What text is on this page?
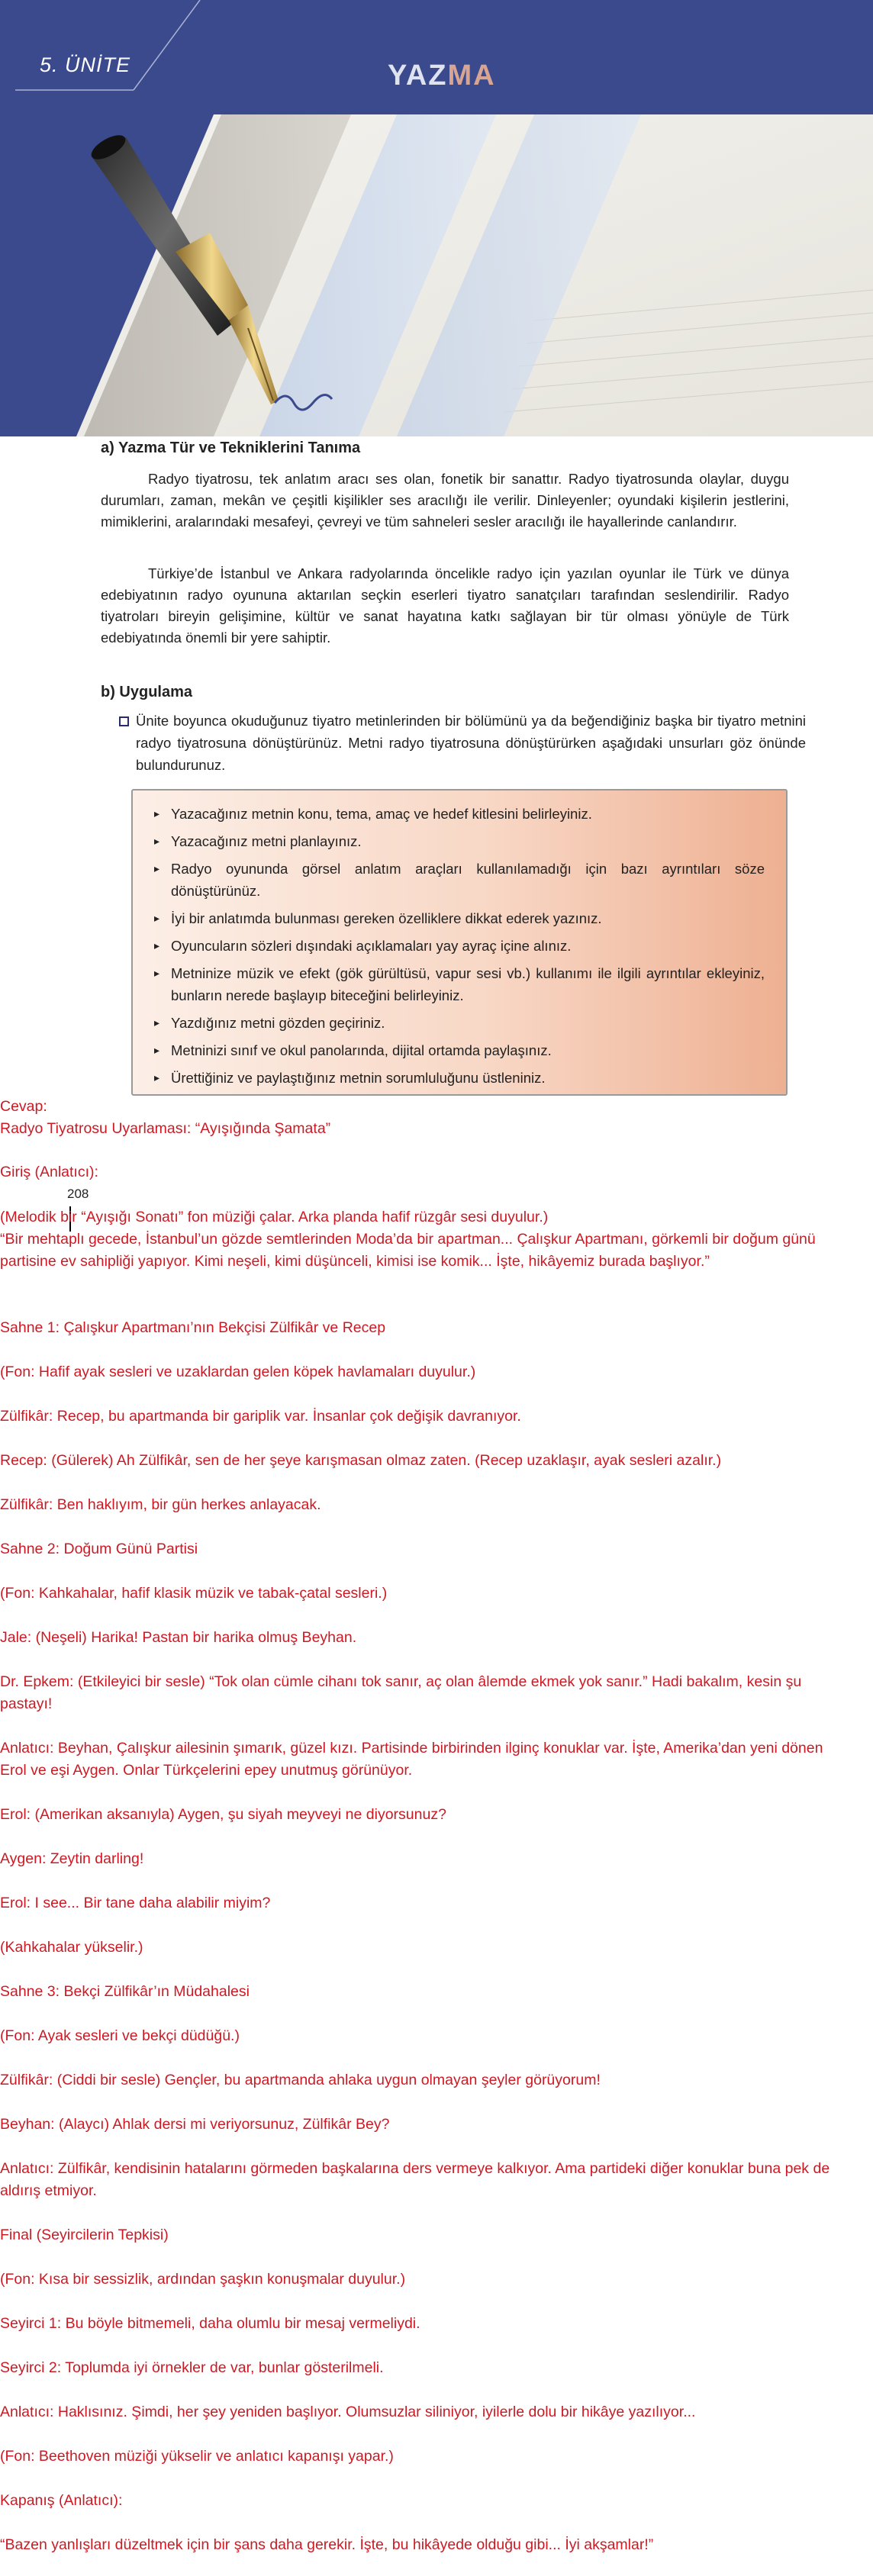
5. ÜNİTE	YAZMA
a) Yazma Tür ve Tekniklerini Tanıma

Radyo tiyatrosu, tek anlatım aracı ses olan, fonetik bir sanattır. Radyo tiyatrosunda olaylar, duygu durumları, zaman, mekân ve çeşitli kişilikler ses aracılığı ile verilir. Dinleyenler; oyundaki kişilerin jestlerini, mimiklerini, aralarındaki mesafeyi, çevreyi ve tüm sahneleri sesler aracılığı ile hayallerinde canlandırır.

Türkiye’de İstanbul ve Ankara radyolarında öncelikle radyo için yazılan oyunlar ile Türk ve dünya edebiyatının radyo oyununa aktarılan seçkin eserleri tiyatro sanatçıları tarafından seslendirilir. Radyo tiyatroları bireyin gelişimine, kültür ve sanat hayatına katkı sağlayan bir tür olması yönüyle de Türk edebiyatında önemli bir yere sahiptir.

b) Uygulama
Ünite boyunca okuduğunuz tiyatro metinlerinden bir bölümünü ya da beğendiğiniz başka bir tiyatro metnini radyo tiyatrosuna dönüştürünüz. Metni radyo tiyatrosuna dönüştürürken aşağıdaki unsurları göz önünde bulundurunuz.
▸ Yazacağınız metnin konu, tema, amaç ve hedef kitlesini belirleyiniz.
▸ Yazacağınız metni planlayınız.
▸ Radyo oyununda görsel anlatım araçları kullanılamadığı için bazı ayrıntıları söze dönüştürünüz.
▸ İyi bir anlatımda bulunması gereken özelliklere dikkat ederek yazınız.
▸ Oyuncuların sözleri dışındaki açıklamaları yay ayraç içine alınız.
▸ Metninize müzik ve efekt (gök gürültüsü, vapur sesi vb.) kullanımı ile ilgili ayrıntılar ekleyiniz, bunların nerede başlayıp biteceğini belirleyiniz.
▸ Yazdığınız metni gözden geçiriniz.
▸ Metninizi sınıf ve okul panolarında, dijital ortamda paylaşınız.
▸ Ürettiğiniz ve paylaştığınız metnin sorumluluğunu üstleniniz.

Cevap:

Radyo Tiyatrosu Uyarlaması: “Ayışığında Şamata”

208

Giriş (Anlatıcı):

(Melodik bir “Ayışığı Sonatı” fon müziği çalar. Arka planda hafif rüzgâr sesi duyulur.)

“Bir mehtaplı gecede, İstanbul’un gözde semtlerinden Moda’da bir apartman... Çalışkur Apartmanı, görkemli bir doğum günü partisine ev sahipliği yapıyor. Kimi neşeli, kimi düşünceli, kimisi ise komik... İşte, hikâyemiz burada başlıyor.”

Sahne 1: Çalışkur Apartmanı’nın Bekçisi Zülfikâr ve Recep

(Fon: Hafif ayak sesleri ve uzaklardan gelen köpek havlamaları duyulur.)

Zülfikâr: Recep, bu apartmanda bir gariplik var. İnsanlar çok değişik davranıyor.

Recep: (Gülerek) Ah Zülfikâr, sen de her şeye karışmasan olmaz zaten. (Recep uzaklaşır, ayak sesleri azalır.)

Zülfikâr: Ben haklıyım, bir gün herkes anlayacak.

Sahne 2: Doğum Günü Partisi

(Fon: Kahkahalar, hafif klasik müzik ve tabak-çatal sesleri.)

Jale: (Neşeli) Harika! Pastan bir harika olmuş Beyhan.

Dr. Epkem: (Etkileyici bir sesle) “Tok olan cümle cihanı tok sanır, aç olan âlemde ekmek yok sanır.” Hadi bakalım, kesin şu pastayı!

Anlatıcı: Beyhan, Çalışkur ailesinin şımarık, güzel kızı. Partisinde birbirinden ilginç konuklar var. İşte, Amerika’dan yeni dönen Erol ve eşi Aygen. Onlar Türkçelerini epey unutmuş görünüyor.

Erol: (Amerikan aksanıyla) Aygen, şu siyah meyveyi ne diyorsunuz?

Aygen: Zeytin darling!

Erol: I see... Bir tane daha alabilir miyim?

(Kahkahalar yükselir.)

Sahne 3: Bekçi Zülfikâr’ın Müdahalesi

(Fon: Ayak sesleri ve bekçi düdüğü.)

Zülfikâr: (Ciddi bir sesle) Gençler, bu apartmanda ahlaka uygun olmayan şeyler görüyorum!

Beyhan: (Alaycı) Ahlak dersi mi veriyorsunuz, Zülfikâr Bey?

Anlatıcı: Zülfikâr, kendisinin hatalarını görmeden başkalarına ders vermeye kalkıyor. Ama partideki diğer konuklar buna pek de aldırış etmiyor.

Final (Seyircilerin Tepkisi)

(Fon: Kısa bir sessizlik, ardından şaşkın konuşmalar duyulur.)

Seyirci 1: Bu böyle bitmemeli, daha olumlu bir mesaj vermeliydi.

Seyirci 2: Toplumda iyi örnekler de var, bunlar gösterilmeli.

Anlatıcı: Haklısınız. Şimdi, her şey yeniden başlıyor. Olumsuzlar siliniyor, iyilerle dolu bir hikâye yazılıyor...

(Fon: Beethoven müziği yükselir ve anlatıcı kapanışı yapar.)

Kapanış (Anlatıcı):

“Bazen yanlışları düzeltmek için bir şans daha gerekir. İşte, bu hikâyede olduğu gibi... İyi akşamlar!”
